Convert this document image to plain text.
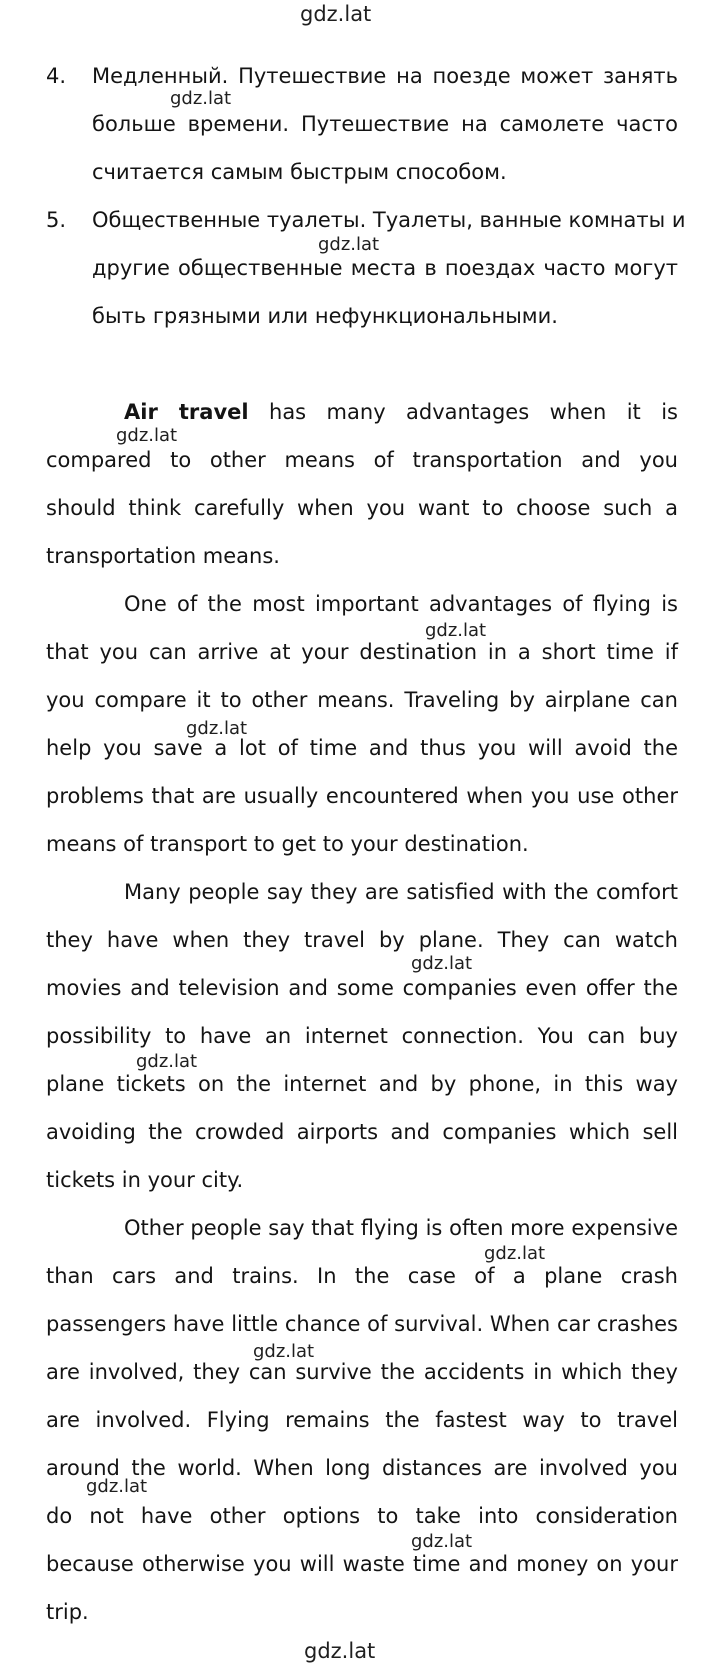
gdz.lat
gdz.lat
gdz.lat
gdz.lat
gdz.lat
gdz.lat
gdz.lat
gdz.lat
gdz.lat
gdz.lat
gdz.lat
gdz.lat
gdz.lat
4. Медленный. Путешествие на поезде может занять
больше времени. Путешествие на самолете часто
считается самым быстрым способом.
5. Общественные туалеты. Туалеты, ванные комнаты и
другие общественные места в поездах часто могут
быть грязными или нефункциональными.
Air travel has many advantages when it is
compared to other means of transportation and you
should think carefully when you want to choose such a
transportation means.
One of the most important advantages of flying is
that you can arrive at your destination in a short time if
you compare it to other means. Traveling by airplane can
help you save a lot of time and thus you will avoid the
problems that are usually encountered when you use other
means of transport to get to your destination.
Many people say they are satisfied with the comfort
they have when they travel by plane. They can watch
movies and television and some companies even offer the
possibility to have an internet connection. You can buy
plane tickets on the internet and by phone, in this way
avoiding the crowded airports and companies which sell
tickets in your city.
Other people say that flying is often more expensive
than cars and trains. In the case of a plane crash
passengers have little chance of survival. When car crashes
are involved, they can survive the accidents in which they
are involved. Flying remains the fastest way to travel
around the world. When long distances are involved you
do not have other options to take into consideration
because otherwise you will waste time and money on your
trip.
